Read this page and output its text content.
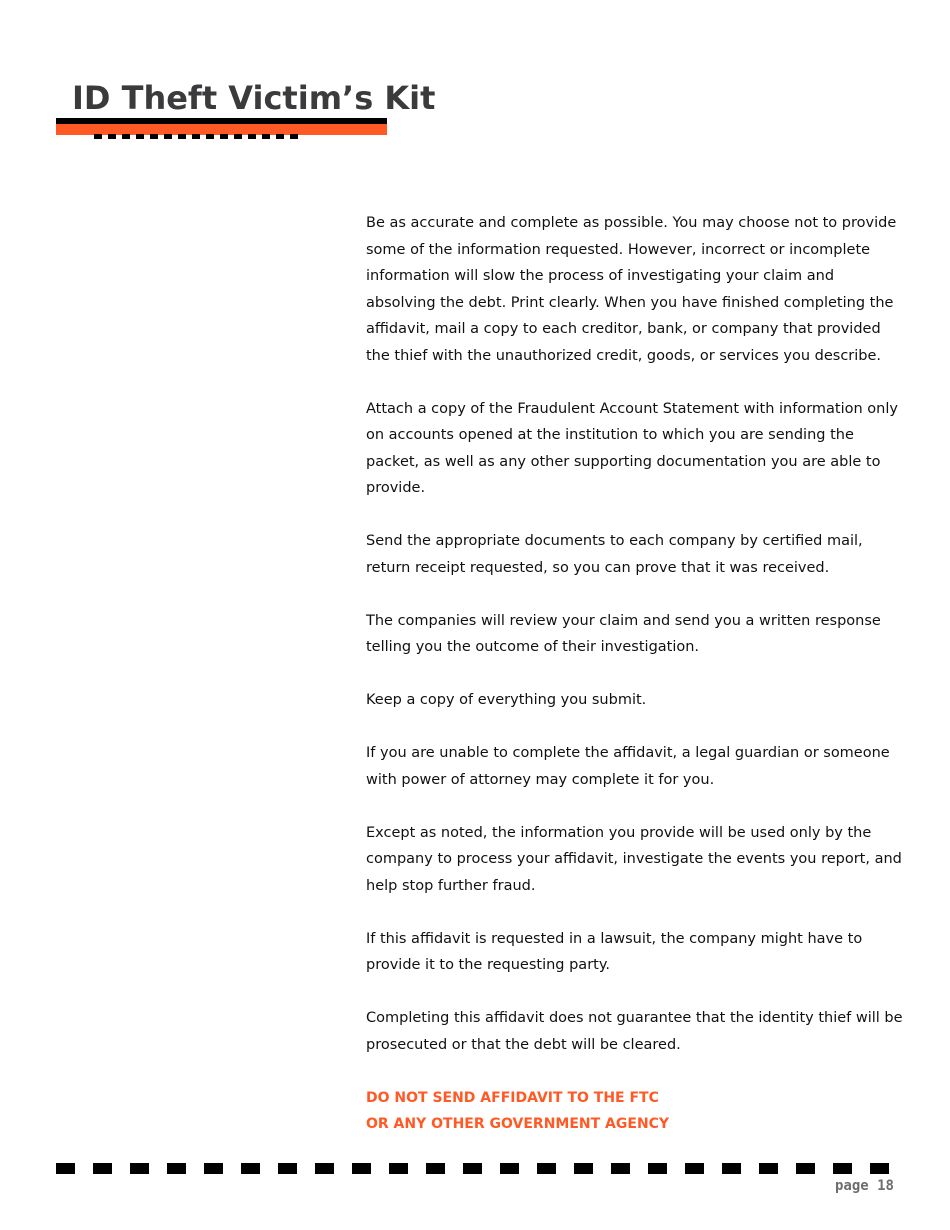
ID Theft Victim’s Kit

Be as accurate and complete as possible. You may choose not to provide some of the information requested. However, incorrect or incomplete information will slow the process of investigating your claim and absolving the debt. Print clearly. When you have finished completing the affidavit, mail a copy to each creditor, bank, or company that provided the thief with the unauthorized credit, goods, or services you describe.

Attach a copy of the Fraudulent Account Statement with information only on accounts opened at the institution to which you are sending the packet, as well as any other supporting documentation you are able to provide.

Send the appropriate documents to each company by certified mail, return receipt requested, so you can prove that it was received.

The companies will review your claim and send you a written response telling you the outcome of their investigation.

Keep a copy of everything you submit.

If you are unable to complete the affidavit, a legal guardian or someone with power of attorney may complete it for you.

Except as noted, the information you provide will be used only by the company to process your affidavit, investigate the events you report, and help stop further fraud.

If this affidavit is requested in a lawsuit, the company might have to provide it to the requesting party.

Completing this affidavit does not guarantee that the identity thief will be prosecuted or that the debt will be cleared.

DO NOT SEND AFFIDAVIT TO THE FTC
OR ANY OTHER GOVERNMENT AGENCY

page 18
